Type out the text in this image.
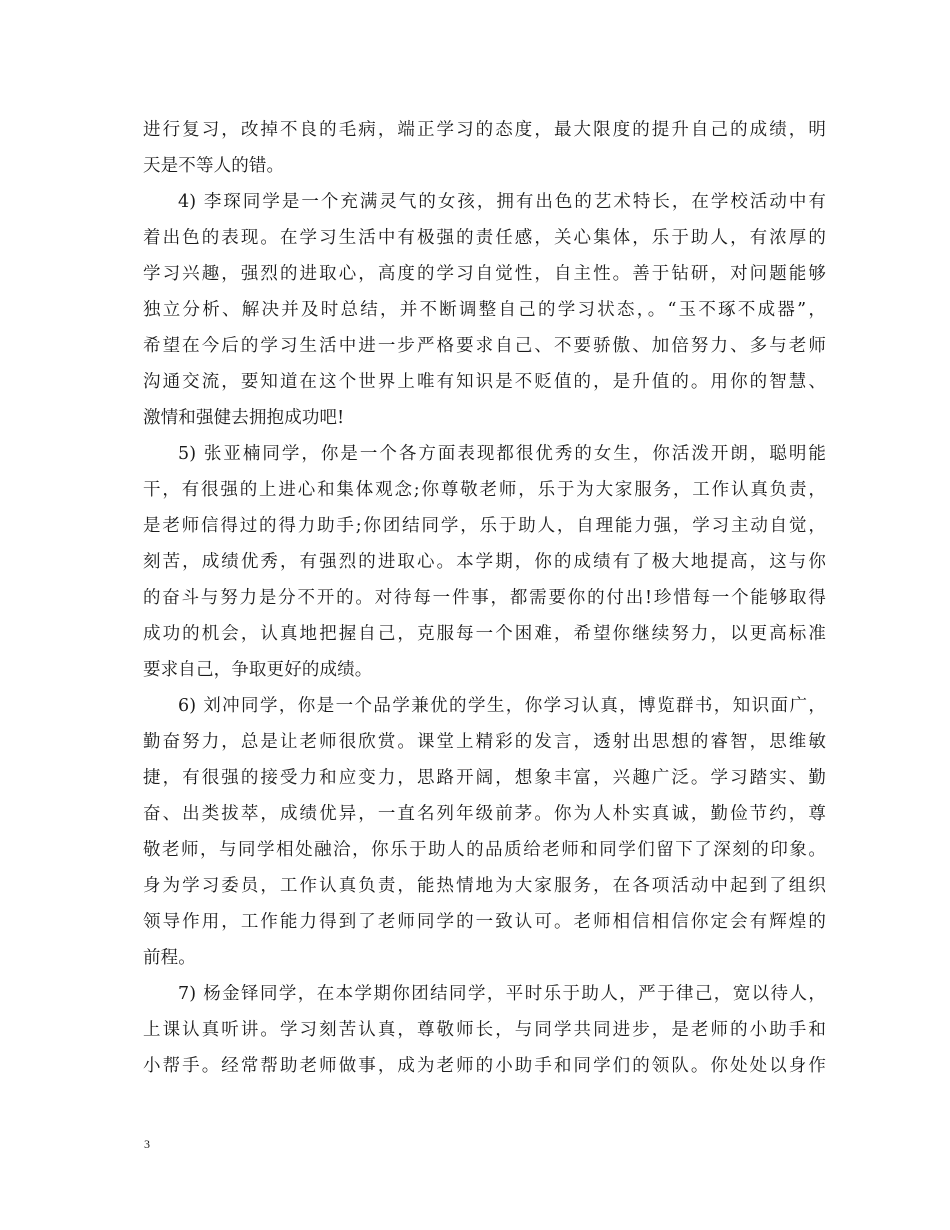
进行复习，改掉不良的毛病，端正学习的态度，最大限度的提升自己的成绩，明
天是不等人的错。
4) 李琛同学是一个充满灵气的女孩，拥有出色的艺术特长，在学校活动中有
着出色的表现。在学习生活中有极强的责任感，关心集体，乐于助人，有浓厚的
学习兴趣，强烈的进取心，高度的学习自觉性，自主性。善于钻研，对问题能够
独立分析、解决并及时总结，并不断调整自己的学习状态，。“玉不琢不成器”，
希望在今后的学习生活中进一步严格要求自己、不要骄傲、加倍努力、多与老师
沟通交流，要知道在这个世界上唯有知识是不贬值的，是升值的。用你的智慧、
激情和强健去拥抱成功吧!
5) 张亚楠同学，你是一个各方面表现都很优秀的女生，你活泼开朗，聪明能
干，有很强的上进心和集体观念;你尊敬老师，乐于为大家服务，工作认真负责，
是老师信得过的得力助手;你团结同学，乐于助人，自理能力强，学习主动自觉，
刻苦，成绩优秀，有强烈的进取心。本学期，你的成绩有了极大地提高，这与你
的奋斗与努力是分不开的。对待每一件事，都需要你的付出!珍惜每一个能够取得
成功的机会，认真地把握自己，克服每一个困难，希望你继续努力，以更高标准
要求自己，争取更好的成绩。
6) 刘冲同学，你是一个品学兼优的学生，你学习认真，博览群书，知识面广，
勤奋努力，总是让老师很欣赏。课堂上精彩的发言，透射出思想的睿智，思维敏
捷，有很强的接受力和应变力，思路开阔，想象丰富，兴趣广泛。学习踏实、勤
奋、出类拔萃，成绩优异，一直名列年级前茅。你为人朴实真诚，勤俭节约，尊
敬老师，与同学相处融洽，你乐于助人的品质给老师和同学们留下了深刻的印象。
身为学习委员，工作认真负责，能热情地为大家服务，在各项活动中起到了组织
领导作用，工作能力得到了老师同学的一致认可。老师相信相信你定会有辉煌的
前程。
7) 杨金铎同学，在本学期你团结同学，平时乐于助人，严于律己，宽以待人，
上课认真听讲。学习刻苦认真，尊敬师长，与同学共同进步，是老师的小助手和
小帮手。经常帮助老师做事，成为老师的小助手和同学们的领队。你处处以身作
3
